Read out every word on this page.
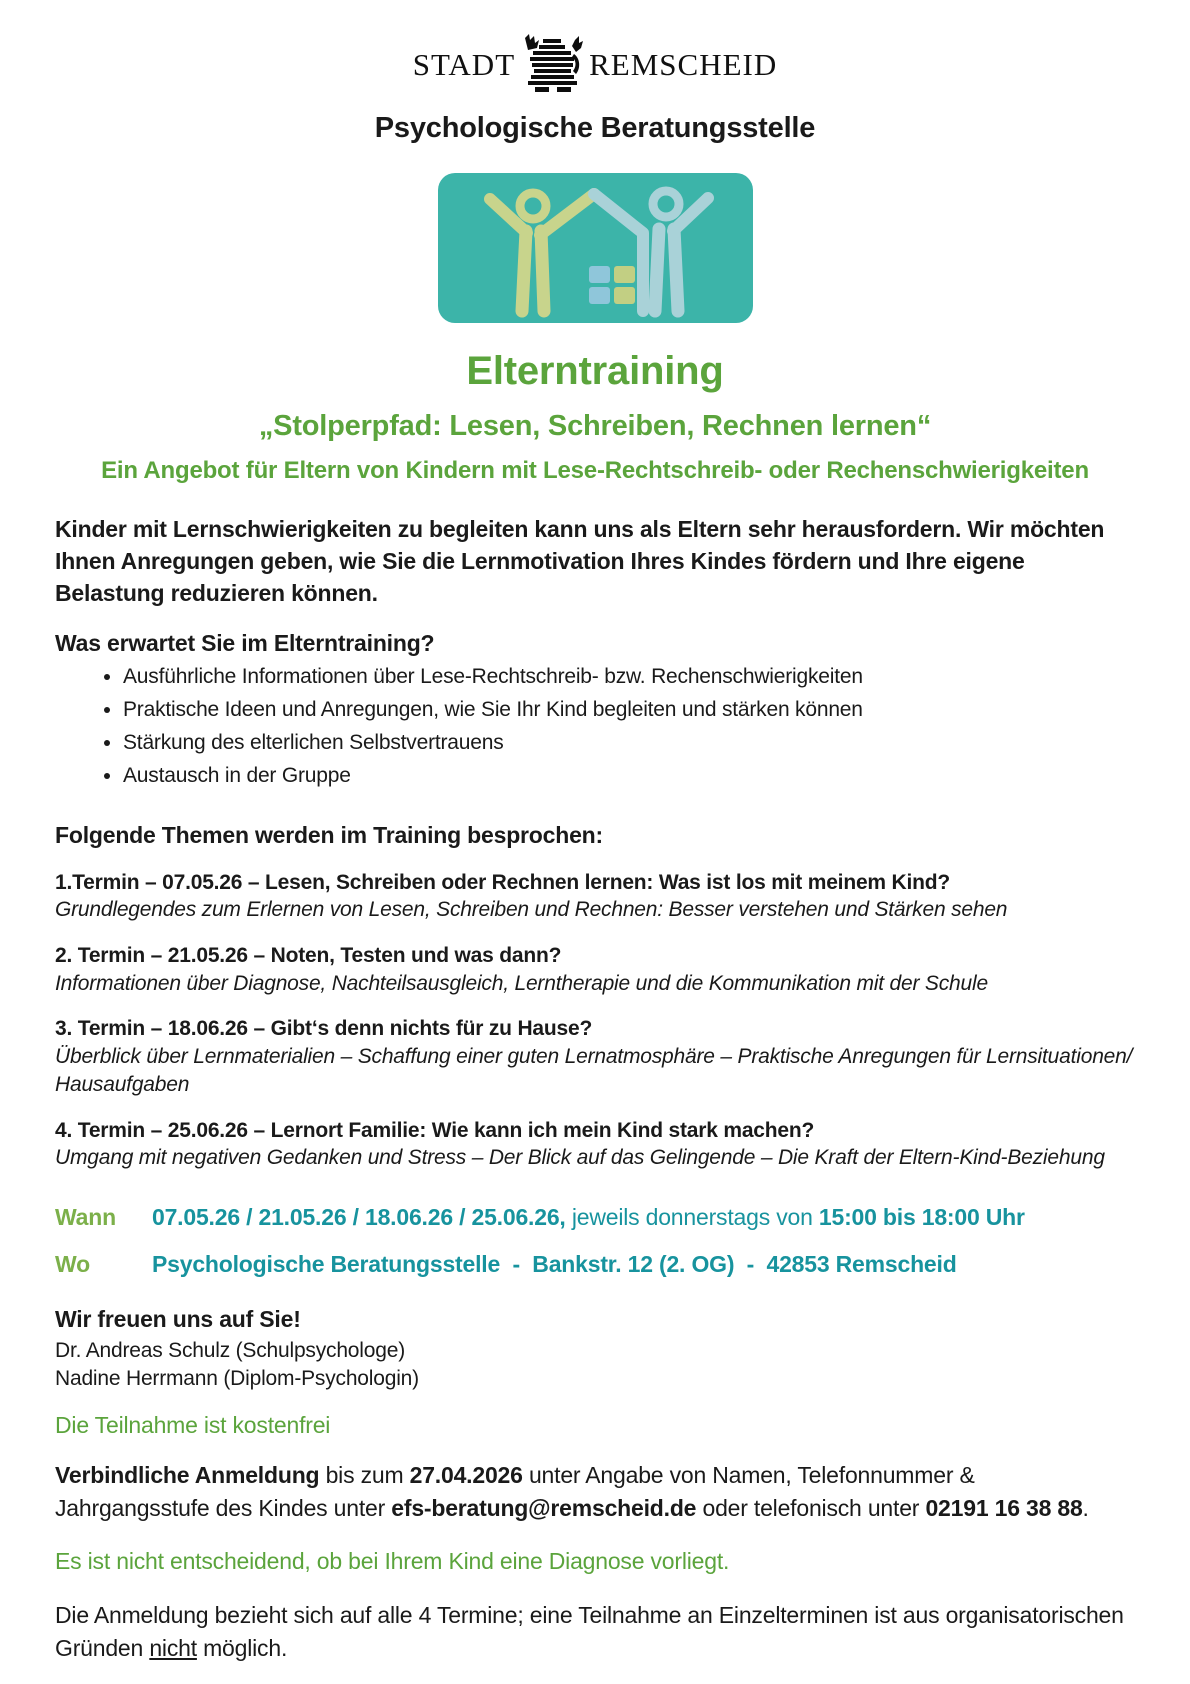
STADT REMSCHEID
Psychologische Beratungsstelle
Elterntraining
„Stolperpfad: Lesen, Schreiben, Rechnen lernen“
Ein Angebot für Eltern von Kindern mit Lese-Rechtschreib- oder Rechenschwierigkeiten

Kinder mit Lernschwierigkeiten zu begleiten kann uns als Eltern sehr herausfordern. Wir möchten Ihnen Anregungen geben, wie Sie die Lernmotivation Ihres Kindes fördern und Ihre eigene Belastung reduzieren können.

Was erwartet Sie im Elterntraining?
• Ausführliche Informationen über Lese-Rechtschreib- bzw. Rechenschwierigkeiten
• Praktische Ideen und Anregungen, wie Sie Ihr Kind begleiten und stärken können
• Stärkung des elterlichen Selbstvertrauens
• Austausch in der Gruppe
Folgende Themen werden im Training besprochen:
1.Termin – 07.05.26 – Lesen, Schreiben oder Rechnen lernen: Was ist los mit meinem Kind?
Grundlegendes zum Erlernen von Lesen, Schreiben und Rechnen: Besser verstehen und Stärken sehen
2. Termin – 21.05.26 – Noten, Testen und was dann?
Informationen über Diagnose, Nachteilsausgleich, Lerntherapie und die Kommunikation mit der Schule
3. Termin – 18.06.26 – Gibt‘s denn nichts für zu Hause?
Überblick über Lernmaterialien – Schaffung einer guten Lernatmosphäre – Praktische Anregungen für Lernsituationen/ Hausaufgaben
4. Termin – 25.06.26 – Lernort Familie: Wie kann ich mein Kind stark machen?
Umgang mit negativen Gedanken und Stress – Der Blick auf das Gelingende – Die Kraft der Eltern-Kind-Beziehung
Wann	07.05.26 / 21.05.26 / 18.06.26 / 25.06.26, jeweils donnerstags von 15:00 bis 18:00 Uhr
Wo	Psychologische Beratungsstelle  -  Bankstr. 12 (2. OG)  -  42853 Remscheid
Wir freuen uns auf Sie!
Dr. Andreas Schulz (Schulpsychologe)
Nadine Herrmann (Diplom-Psychologin)
Die Teilnahme ist kostenfrei

Verbindliche Anmeldung bis zum 27.04.2026 unter Angabe von Namen, Telefonnummer & Jahrgangsstufe des Kindes unter efs-beratung@remscheid.de oder telefonisch unter 02191 16 38 88.

Es ist nicht entscheidend, ob bei Ihrem Kind eine Diagnose vorliegt.

Die Anmeldung bezieht sich auf alle 4 Termine; eine Teilnahme an Einzelterminen ist aus organisatorischen Gründen nicht möglich.
